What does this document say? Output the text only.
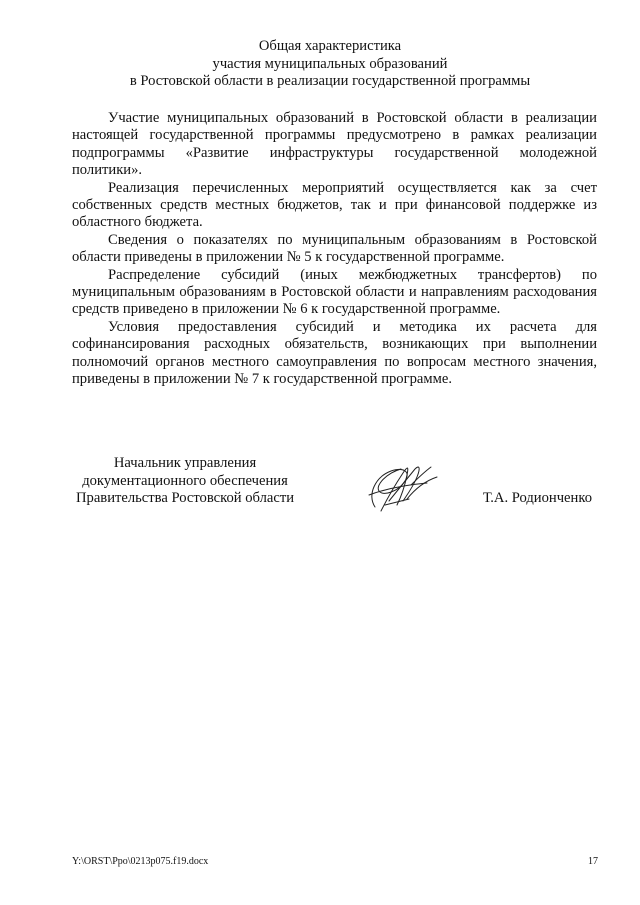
Общая характеристика
участия муниципальных образований
в Ростовской области в реализации государственной программы

Участие муниципальных образований в Ростовской области в реализации настоящей государственной программы предусмотрено в рамках реализации подпрограммы «Развитие инфраструктуры государственной молодежной политики».

Реализация перечисленных мероприятий осуществляется как за счет собственных средств местных бюджетов, так и при финансовой поддержке из областного бюджета.

Сведения о показателях по муниципальным образованиям в Ростовской области приведены в приложении № 5 к государственной программе.

Распределение субсидий (иных межбюджетных трансфертов) по муниципальным образованиям в Ростовской области и направлениям расходования средств приведено в приложении № 6 к государственной программе.

Условия предоставления субсидий и методика их расчета для софинансирования расходных обязательств, возникающих при выполнении полномочий органов местного самоуправления по вопросам местного значения, приведены в приложении № 7 к государственной программе.

Начальник управления
документационного обеспечения
Правительства Ростовской области	Т.А. Родионченко
Y:\ORST\Ppo\0213p075.f19.docx	17
